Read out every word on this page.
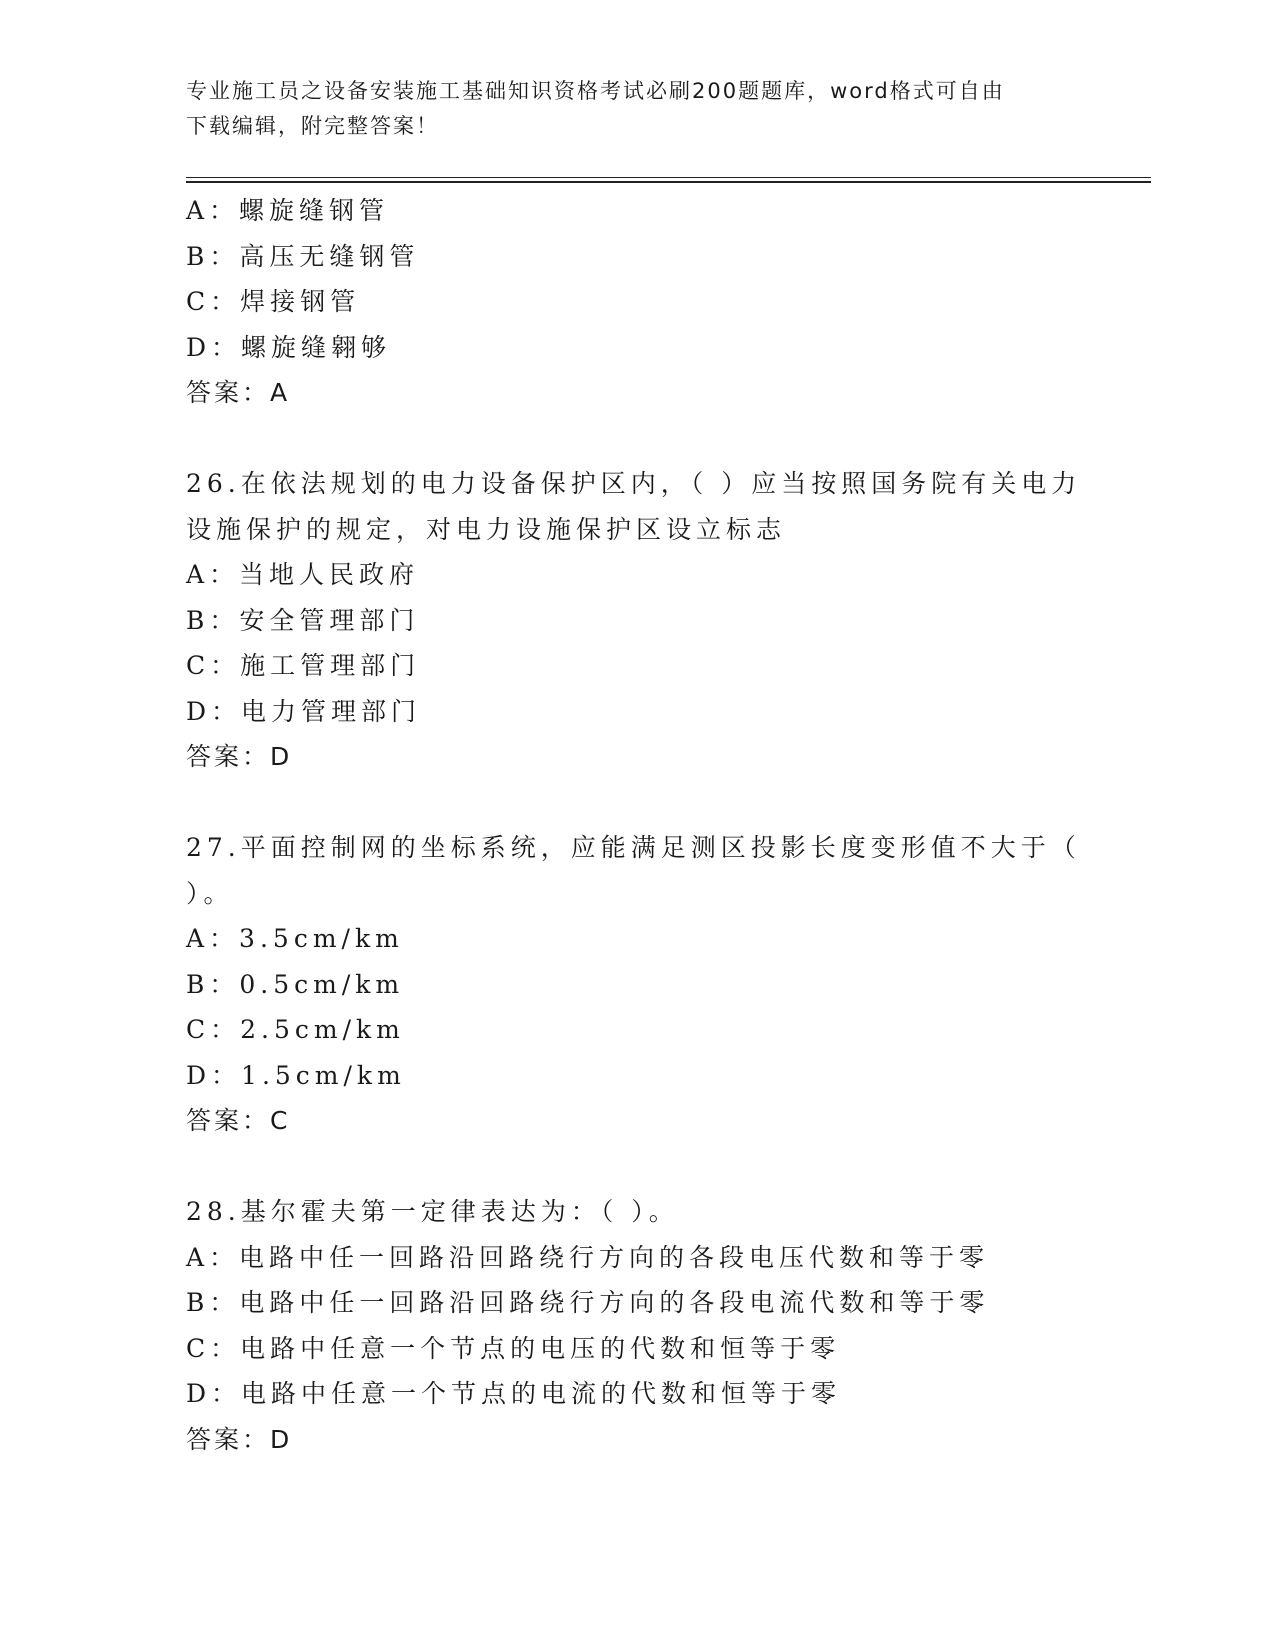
专业施工员之设备安装施工基础知识资格考试必刷200题题库，word格式可自由
下载编辑，附完整答案！
A：螺旋缝钢管
B：高压无缝钢管
C：焊接钢管
D：螺旋缝翱够
答案：A
26.在依法规划的电力设备保护区内，（ ）应当按照国务院有关电力
设施保护的规定，对电力设施保护区设立标志
A：当地人民政府
B：安全管理部门
C：施工管理部门
D：电力管理部门
答案：D
27.平面控制网的坐标系统，应能满足测区投影长度变形值不大于（
）。
A：3.5cm/km
B：0.5cm/km
C：2.5cm/km
D：1.5cm/km
答案：C
28.基尔霍夫第一定律表达为：（ ）。
A：电路中任一回路沿回路绕行方向的各段电压代数和等于零
B：电路中任一回路沿回路绕行方向的各段电流代数和等于零
C：电路中任意一个节点的电压的代数和恒等于零
D：电路中任意一个节点的电流的代数和恒等于零
答案：D
